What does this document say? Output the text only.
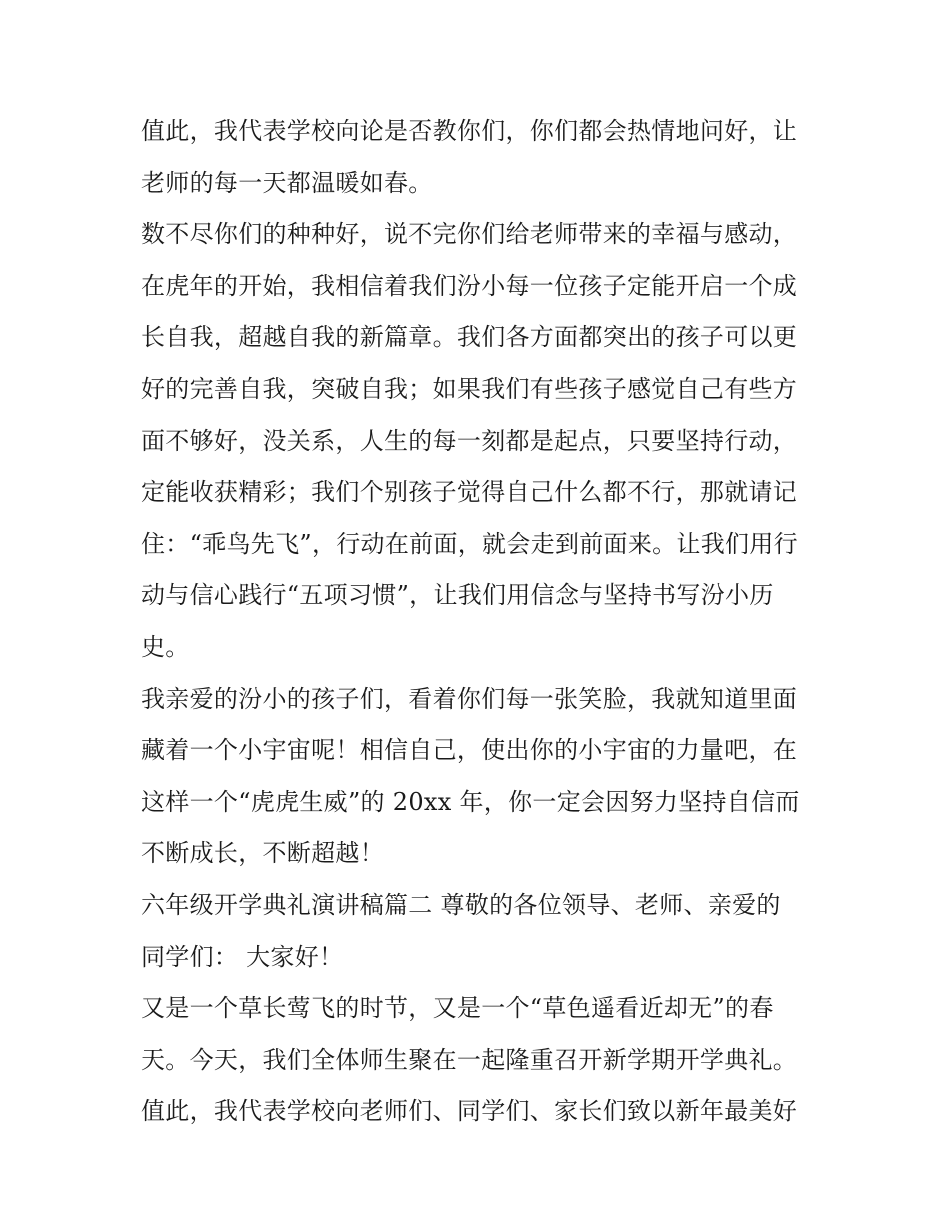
值此，我代表学校向论是否教你们，你们都会热情地问好，让
老师的每一天都温暖如春。
数不尽你们的种种好，说不完你们给老师带来的幸福与感动，
在虎年的开始，我相信着我们汾小每一位孩子定能开启一个成
长自我，超越自我的新篇章。我们各方面都突出的孩子可以更
好的完善自我，突破自我；如果我们有些孩子感觉自己有些方
面不够好，没关系，人生的每一刻都是起点，只要坚持行动，
定能收获精彩；我们个别孩子觉得自己什么都不行，那就请记
住：“乖鸟先飞”，行动在前面，就会走到前面来。让我们用行
动与信心践行“五项习惯”，让我们用信念与坚持书写汾小历
史。
我亲爱的汾小的孩子们，看着你们每一张笑脸，我就知道里面
藏着一个小宇宙呢！相信自己，使出你的小宇宙的力量吧，在
这样一个“虎虎生威”的 20xx 年，你一定会因努力坚持自信而
不断成长，不断超越！
六年级开学典礼演讲稿篇二 尊敬的各位领导、老师、亲爱的
同学们： 大家好！
又是一个草长莺飞的时节，又是一个“草色遥看近却无”的春
天。今天，我们全体师生聚在一起隆重召开新学期开学典礼。
值此，我代表学校向老师们、同学们、家长们致以新年最美好
